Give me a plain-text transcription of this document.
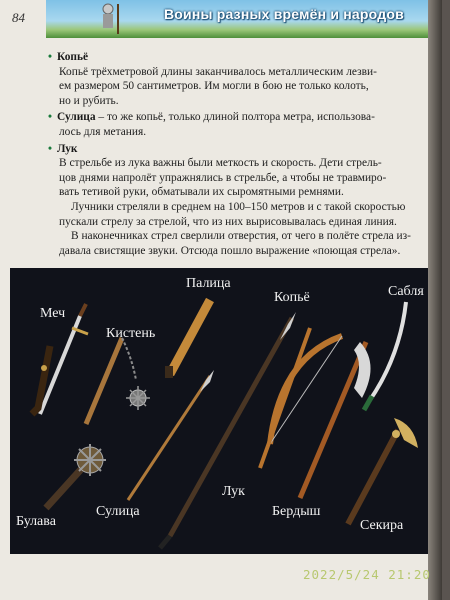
Воины разных времён и народов
84
• Копьё

Копьё трёхметровой длины заканчивалось металлическим лезви-

ем размером 50 сантиметров. Им могли в бою не только колоть,

но и рубить.

• Сулица – то же копьё, только длиной полтора метра, использова-

лось для метания.

• Лук

В стрельбе из лука важны были меткость и скорость. Дети стрель-

цов днями напролёт упражнялись в стрельбе, а чтобы не травмиро-

вать тетивой руки, обматывали их сыромятными ремнями.

Лучники стреляли в среднем на 100–150 метров и с такой скоростью

пускали стрелу за стрелой, что из них вырисовывалась единая линия.

В наконечниках стрел сверлили отверстия, от чего в полёте стрела из-

давала свистящие звуки. Отсюда пошло выражение «поющая стрела».

Меч
Кистень
Палица
Копьё	Сабля
Булава
Сулица
Лук
Бердыш
Секира
2022/5/24 21:20
